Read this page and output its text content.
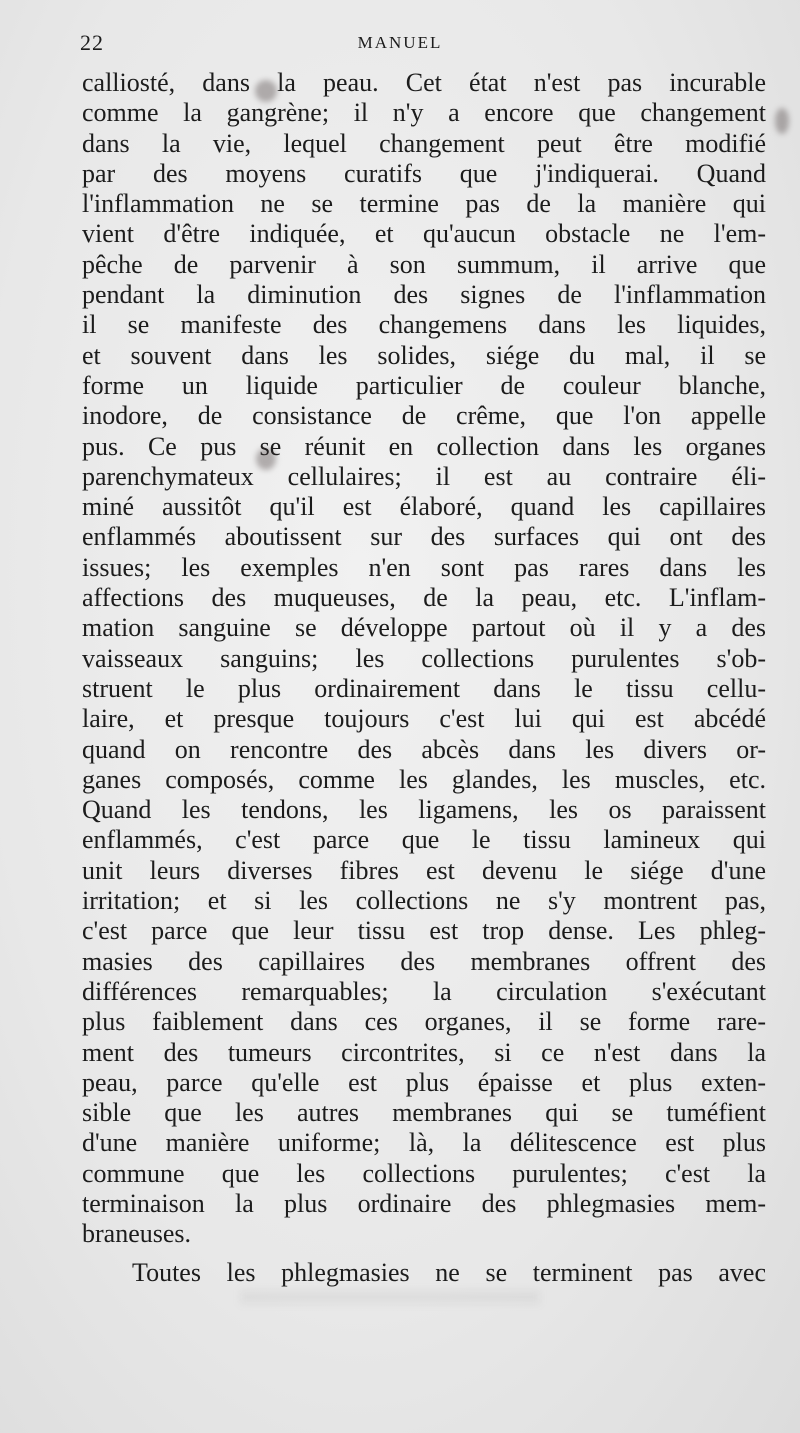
22	MANUEL
calliosté, dans la peau. Cet état n'est pas incurable
comme la gangrène; il n'y a encore que changement
dans la vie, lequel changement peut être modifié
par des moyens curatifs que j'indiquerai. Quand
l'inflammation ne se termine pas de la manière qui
vient d'être indiquée, et qu'aucun obstacle ne l'em-
pêche de parvenir à son summum, il arrive que
pendant la diminution des signes de l'inflammation
il se manifeste des changemens dans les liquides,
et souvent dans les solides, siége du mal, il se
forme un liquide particulier de couleur blanche,
inodore, de consistance de crême, que l'on appelle
pus. Ce pus se réunit en collection dans les organes
parenchymateux cellulaires; il est au contraire éli-
miné aussitôt qu'il est élaboré, quand les capillaires
enflammés aboutissent sur des surfaces qui ont des
issues; les exemples n'en sont pas rares dans les
affections des muqueuses, de la peau, etc. L'inflam-
mation sanguine se développe partout où il y a des
vaisseaux sanguins; les collections purulentes s'ob-
struent le plus ordinairement dans le tissu cellu-
laire, et presque toujours c'est lui qui est abcédé
quand on rencontre des abcès dans les divers or-
ganes composés, comme les glandes, les muscles, etc.
Quand les tendons, les ligamens, les os paraissent
enflammés, c'est parce que le tissu lamineux qui
unit leurs diverses fibres est devenu le siége d'une
irritation; et si les collections ne s'y montrent pas,
c'est parce que leur tissu est trop dense. Les phleg-
masies des capillaires des membranes offrent des
différences remarquables; la circulation s'exécutant
plus faiblement dans ces organes, il se forme rare-
ment des tumeurs circontrites, si ce n'est dans la
peau, parce qu'elle est plus épaisse et plus exten-
sible que les autres membranes qui se tuméfient
d'une manière uniforme; là, la délitescence est plus
commune que les collections purulentes; c'est la
terminaison la plus ordinaire des phlegmasies mem-
braneuses.
Toutes les phlegmasies ne se terminent pas avec
